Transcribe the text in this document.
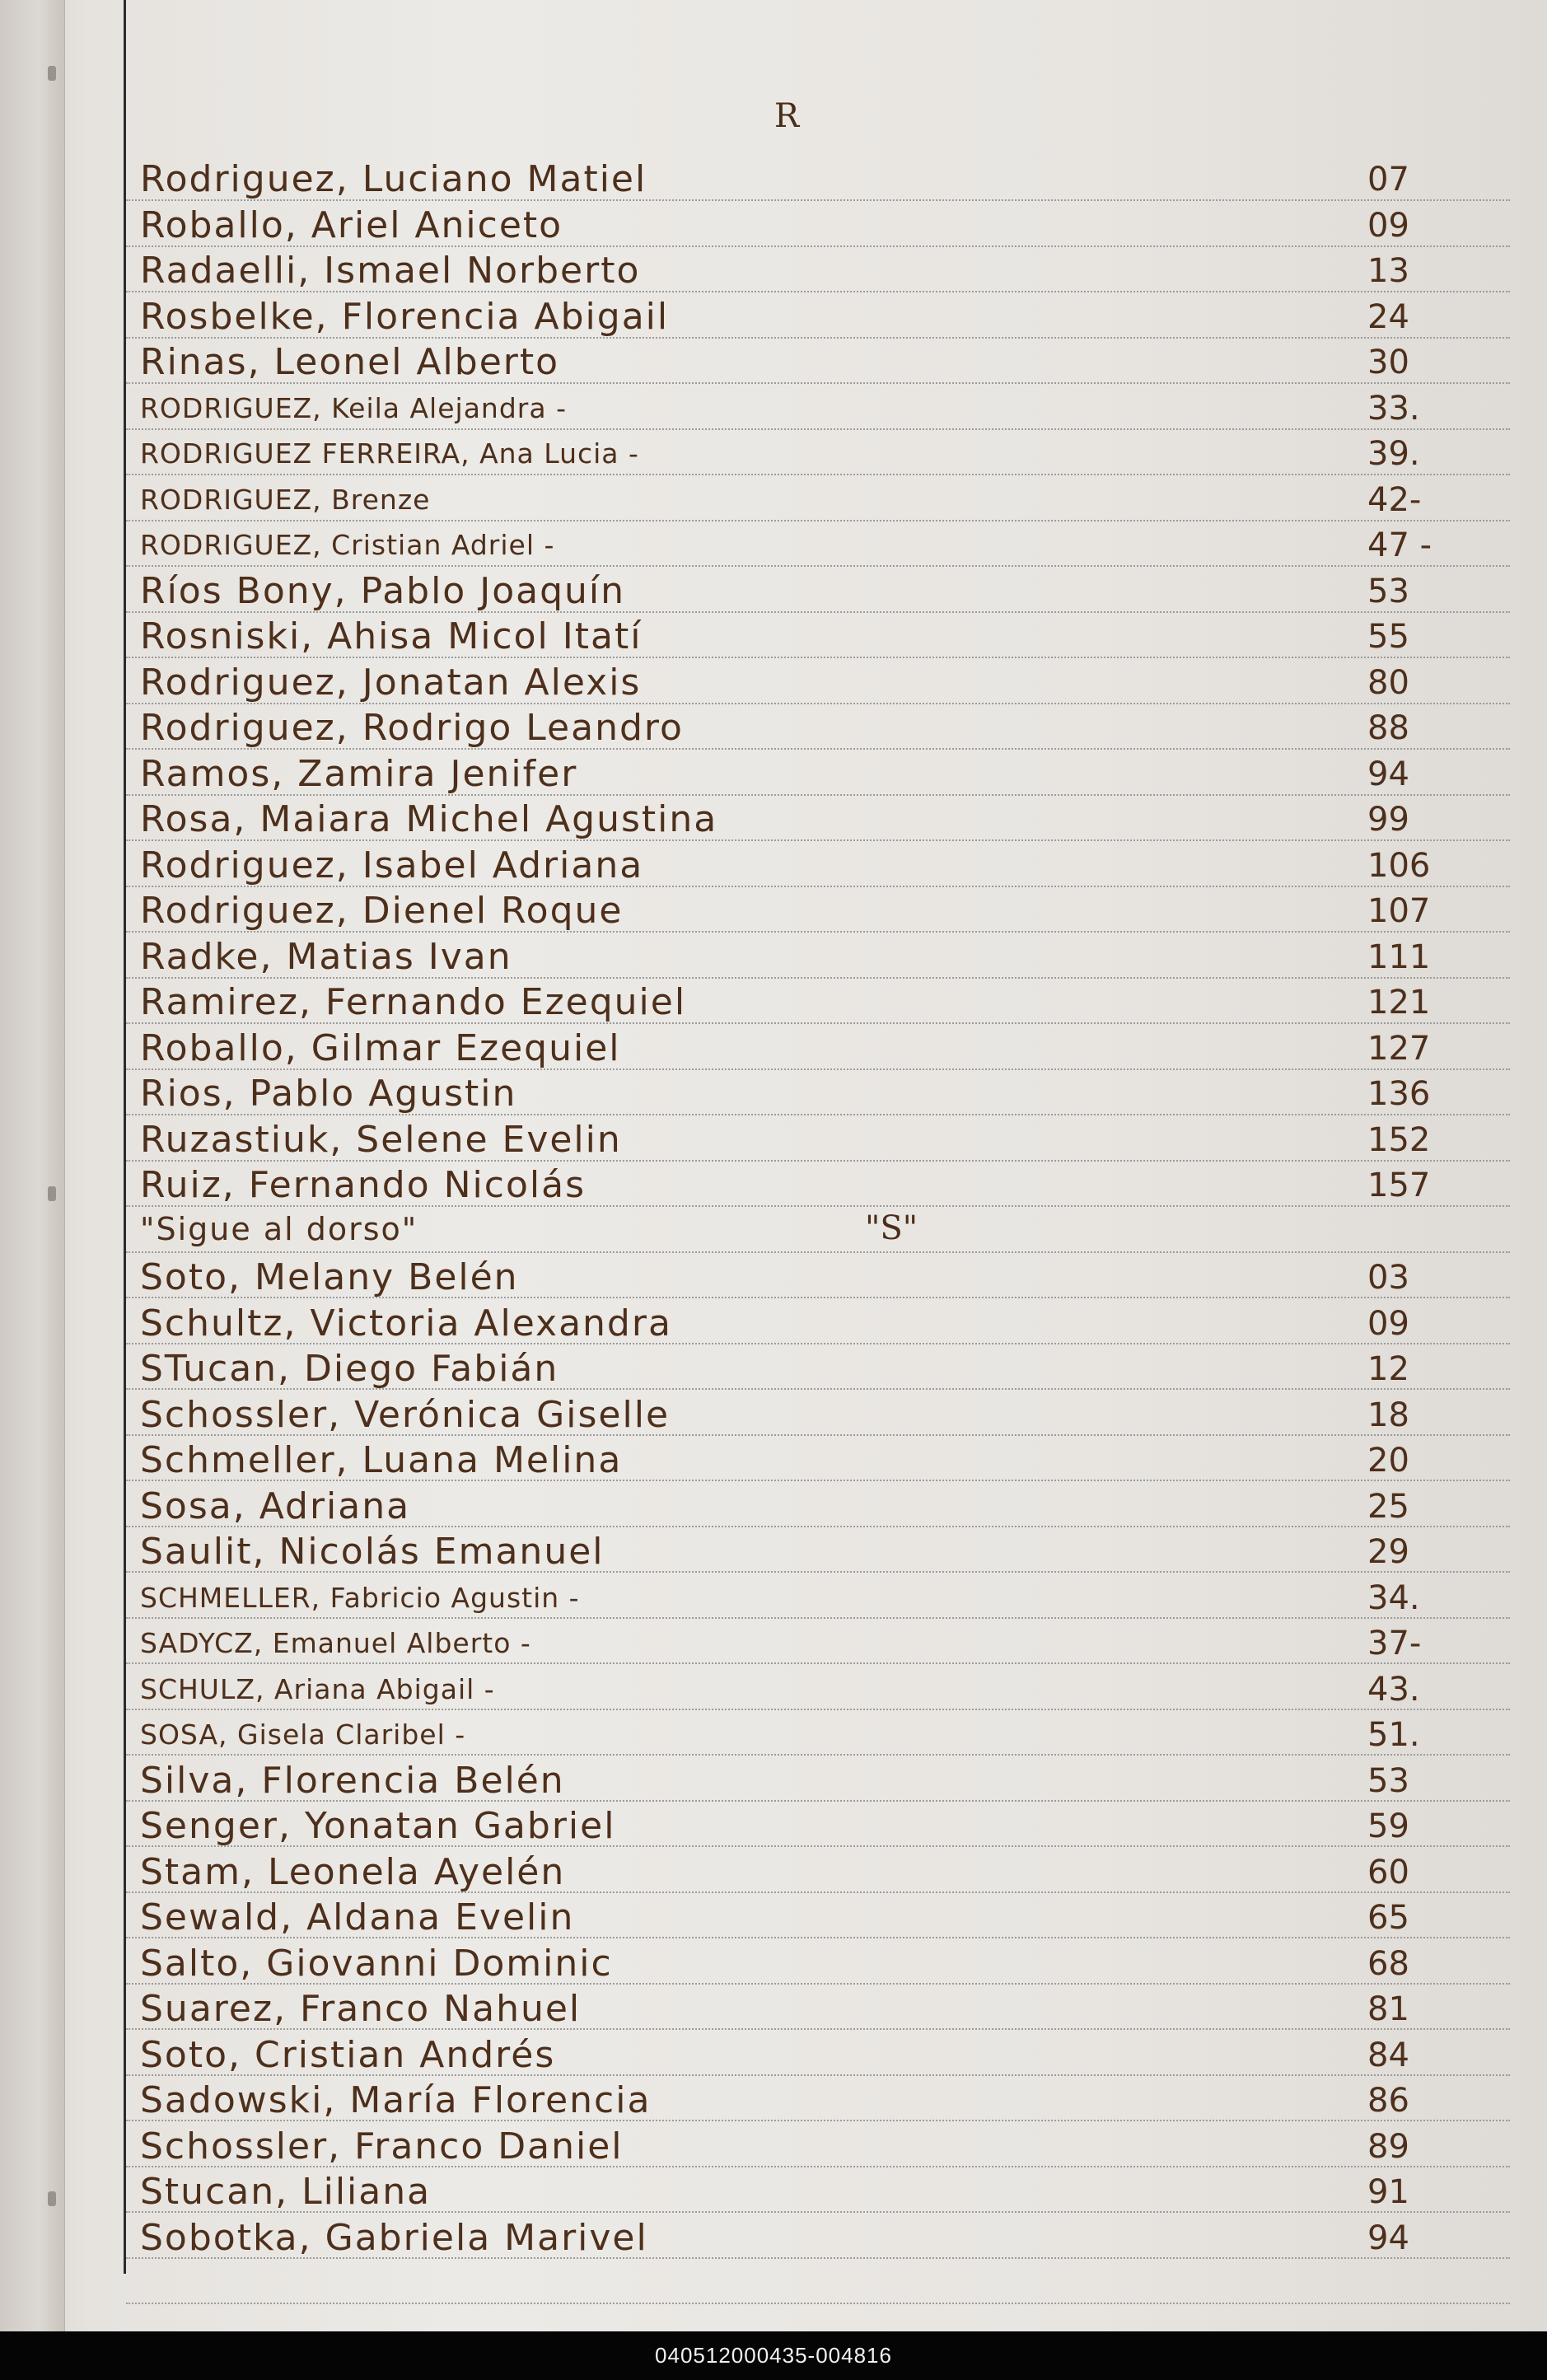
R
Rodriguez, Luciano Matiel	07
Roballo, Ariel Aniceto	09
Radaelli, Ismael Norberto	13
Rosbelke, Florencia Abigail	24
Rinas, Leonel Alberto	30
RODRIGUEZ, Keila Alejandra -	33.
RODRIGUEZ FERREIRA, Ana Lucia -	39.
RODRIGUEZ, Brenze	42-
RODRIGUEZ, Cristian Adriel -	47 -
Ríos Bony, Pablo Joaquín	53
Rosniski, Ahisa Micol Itatí	55
Rodriguez, Jonatan Alexis	80
Rodriguez, Rodrigo Leandro	88
Ramos, Zamira Jenifer	94
Rosa, Maiara Michel Agustina	99
Rodriguez, Isabel Adriana	106
Rodriguez, Dienel Roque	107
Radke, Matias Ivan	111
Ramirez, Fernando Ezequiel	121
Roballo, Gilmar Ezequiel	127
Rios, Pablo Agustin	136
Ruzastiuk, Selene Evelin	152
Ruiz, Fernando Nicolás	157
"Sigue al dorso"	"S"
Soto, Melany Belén	03
Schultz, Victoria Alexandra	09
STucan, Diego Fabián	12
Schossler, Verónica Giselle	18
Schmeller, Luana Melina	20
Sosa, Adriana	25
Saulit, Nicolás Emanuel	29
SCHMELLER, Fabricio Agustin -	34.
SADYCZ, Emanuel Alberto -	37-
SCHULZ, Ariana Abigail -	43.
SOSA, Gisela Claribel -	51.
Silva, Florencia Belén	53
Senger, Yonatan Gabriel	59
Stam, Leonela Ayelén	60
Sewald, Aldana Evelin	65
Salto, Giovanni Dominic	68
Suarez, Franco Nahuel	81
Soto, Cristian Andrés	84
Sadowski, María Florencia	86
Schossler, Franco Daniel	89
Stucan, Liliana	91
Sobotka, Gabriela Marivel	94
040512000435-004816
